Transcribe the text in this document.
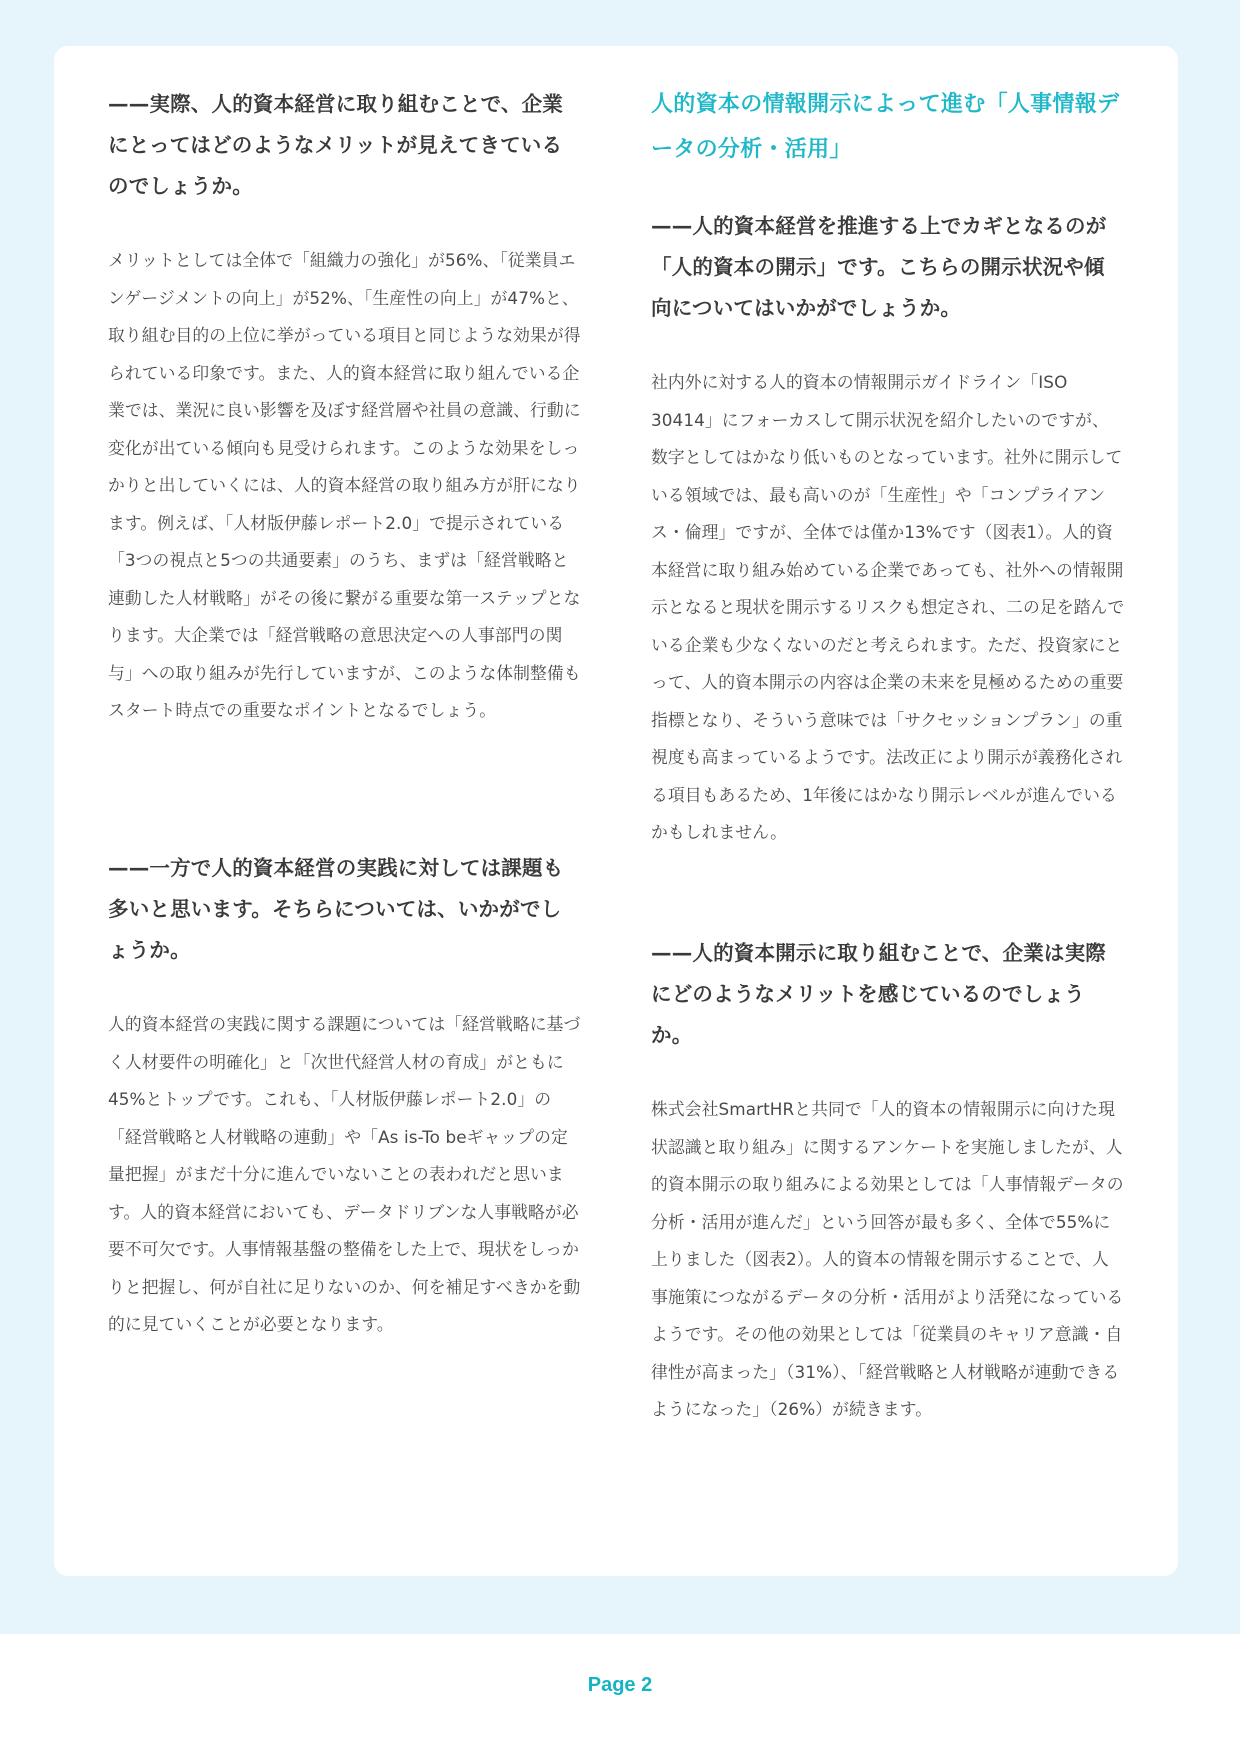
——実際、人的資本経営に取り組むことで、企業にとってはどのようなメリットが見えてきているのでしょうか。

メリットとしては全体で「組織力の強化」が56%、「従業員エンゲージメントの向上」が52%、「生産性の向上」が47%と、取り組む目的の上位に挙がっている項目と同じような効果が得られている印象です。また、人的資本経営に取り組んでいる企業では、業況に良い影響を及ぼす経営層や社員の意識、行動に変化が出ている傾向も見受けられます。このような効果をしっかりと出していくには、人的資本経営の取り組み方が肝になります。例えば、「人材版伊藤レポート2.0」で提示されている「3つの視点と5つの共通要素」のうち、まずは「経営戦略と連動した人材戦略」がその後に繋がる重要な第一ステップとなります。大企業では「経営戦略の意思決定への人事部門の関与」への取り組みが先行していますが、このような体制整備もスタート時点での重要なポイントとなるでしょう。

——一方で人的資本経営の実践に対しては課題も多いと思います。そちらについては、いかがでしょうか。

人的資本経営の実践に関する課題については「経営戦略に基づく人材要件の明確化」と「次世代経営人材の育成」がともに45%とトップです。これも、「人材版伊藤レポート2.0」の「経営戦略と人材戦略の連動」や「As is-To beギャップの定量把握」がまだ十分に進んでいないことの表われだと思います。人的資本経営においても、データドリブンな人事戦略が必要不可欠です。人事情報基盤の整備をした上で、現状をしっかりと把握し、何が自社に足りないのか、何を補足すべきかを動的に見ていくことが必要となります。

人的資本の情報開示によって進む「人事情報データの分析・活用」

——人的資本経営を推進する上でカギとなるのが「人的資本の開示」です。こちらの開示状況や傾向についてはいかがでしょうか。

社内外に対する人的資本の情報開示ガイドライン「ISO 30414」にフォーカスして開示状況を紹介したいのですが、数字としてはかなり低いものとなっています。社外に開示している領域では、最も高いのが「生産性」や「コンプライアンス・倫理」ですが、全体では僅か13%です（図表1）。人的資本経営に取り組み始めている企業であっても、社外への情報開示となると現状を開示するリスクも想定され、二の足を踏んでいる企業も少なくないのだと考えられます。ただ、投資家にとって、人的資本開示の内容は企業の未来を見極めるための重要指標となり、そういう意味では「サクセッションプラン」の重視度も高まっているようです。法改正により開示が義務化される項目もあるため、1年後にはかなり開示レベルが進んでいるかもしれません。

——人的資本開示に取り組むことで、企業は実際にどのようなメリットを感じているのでしょうか。

株式会社SmartHRと共同で「人的資本の情報開示に向けた現状認識と取り組み」に関するアンケートを実施しましたが、人的資本開示の取り組みによる効果としては「人事情報データの分析・活用が進んだ」という回答が最も多く、全体で55%に上りました（図表2）。人的資本の情報を開示することで、人事施策につながるデータの分析・活用がより活発になっているようです。その他の効果としては「従業員のキャリア意識・自律性が高まった」（31%）、「経営戦略と人材戦略が連動できるようになった」（26%）が続きます。

Page 2
